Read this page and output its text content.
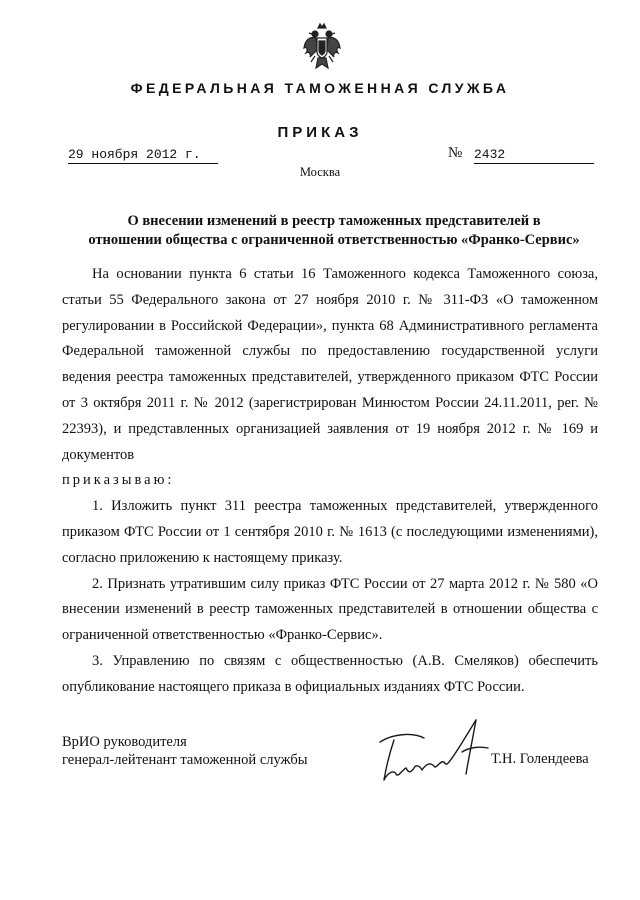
ФЕДЕРАЛЬНАЯ ТАМОЖЕННАЯ СЛУЖБА
ПРИКАЗ
29 ноября 2012 г.	№ 2432
Москва
О внесении изменений в реестр таможенных представителей в
отношении общества с ограниченной ответственностью «Франко-Сервис»

На основании пункта 6 статьи 16 Таможенного кодекса Таможенного союза, статьи 55 Федерального закона от 27 ноября 2010 г. № 311-ФЗ «О таможенном регулировании в Российской Федерации», пункта 68 Административного регламента Федеральной таможенной службы по предоставлению государственной услуги ведения реестра таможенных представителей, утвержденного приказом ФТС России от 3 октября 2011 г. № 2012 (зарегистрирован Минюстом России 24.11.2011, рег. № 22393), и представленных организацией заявления от 19 ноября 2012 г. № 169 и документов

приказываю:

1. Изложить пункт 311 реестра таможенных представителей, утвержденного приказом ФТС России от 1 сентября 2010 г. № 1613 (с последующими изменениями), согласно приложению к настоящему приказу.

2. Признать утратившим силу приказ ФТС России от 27 марта 2012 г. № 580 «О внесении изменений в реестр таможенных представителей в отношении общества с ограниченной ответственностью «Франко-Сервис».

3. Управлению по связям с общественностью (А.В. Смеляков) обеспечить опубликование настоящего приказа в официальных изданиях ФТС России.

ВрИО руководителя
генерал-лейтенант таможенной службы	Т.Н. Голендеева
